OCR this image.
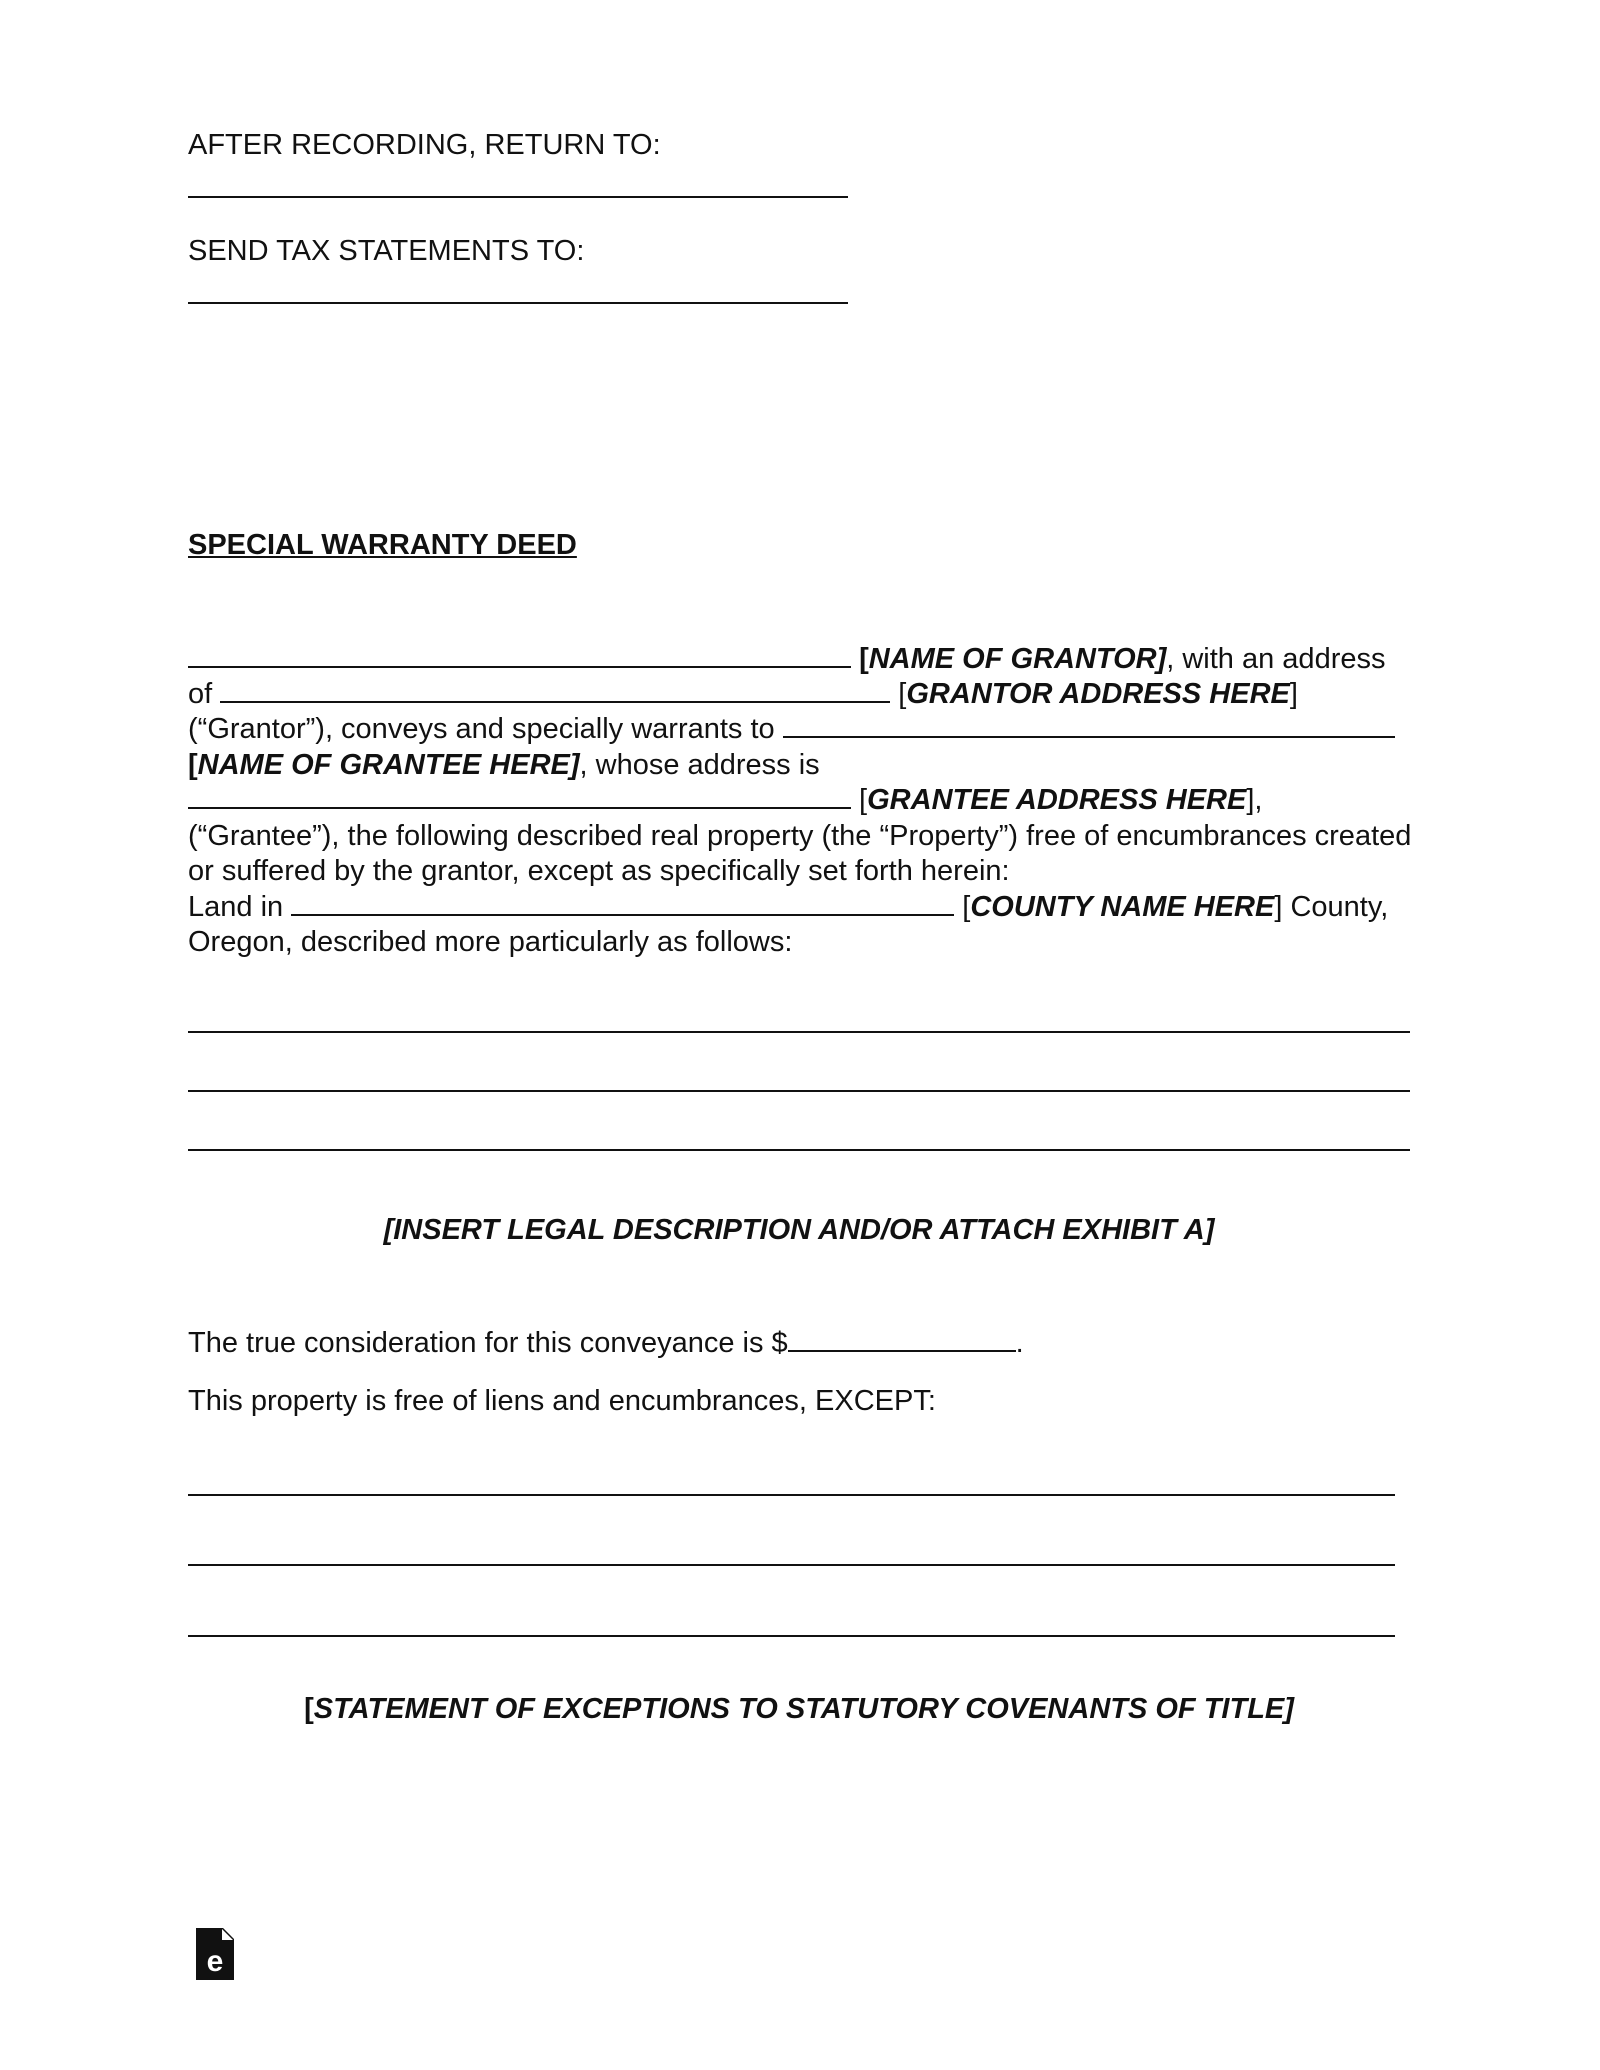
AFTER RECORDING, RETURN TO:
SEND TAX STATEMENTS TO:
SPECIAL WARRANTY DEED
[NAME OF GRANTOR], with an address
of	[GRANTOR ADDRESS HERE]
(“Grantor”), conveys and specially warrants to
[NAME OF GRANTEE HERE], whose address is
[GRANTEE ADDRESS HERE],
(“Grantee”), the following described real property (the “Property”) free of encumbrances created
or suffered by the grantor, except as specifically set forth herein:
Land in	[COUNTY NAME HERE] County,
Oregon, described more particularly as follows:
[INSERT LEGAL DESCRIPTION AND/OR ATTACH EXHIBIT A]
The true consideration for this conveyance is $	.
This property is free of liens and encumbrances, EXCEPT:
[STATEMENT OF EXCEPTIONS TO STATUTORY COVENANTS OF TITLE]
e
